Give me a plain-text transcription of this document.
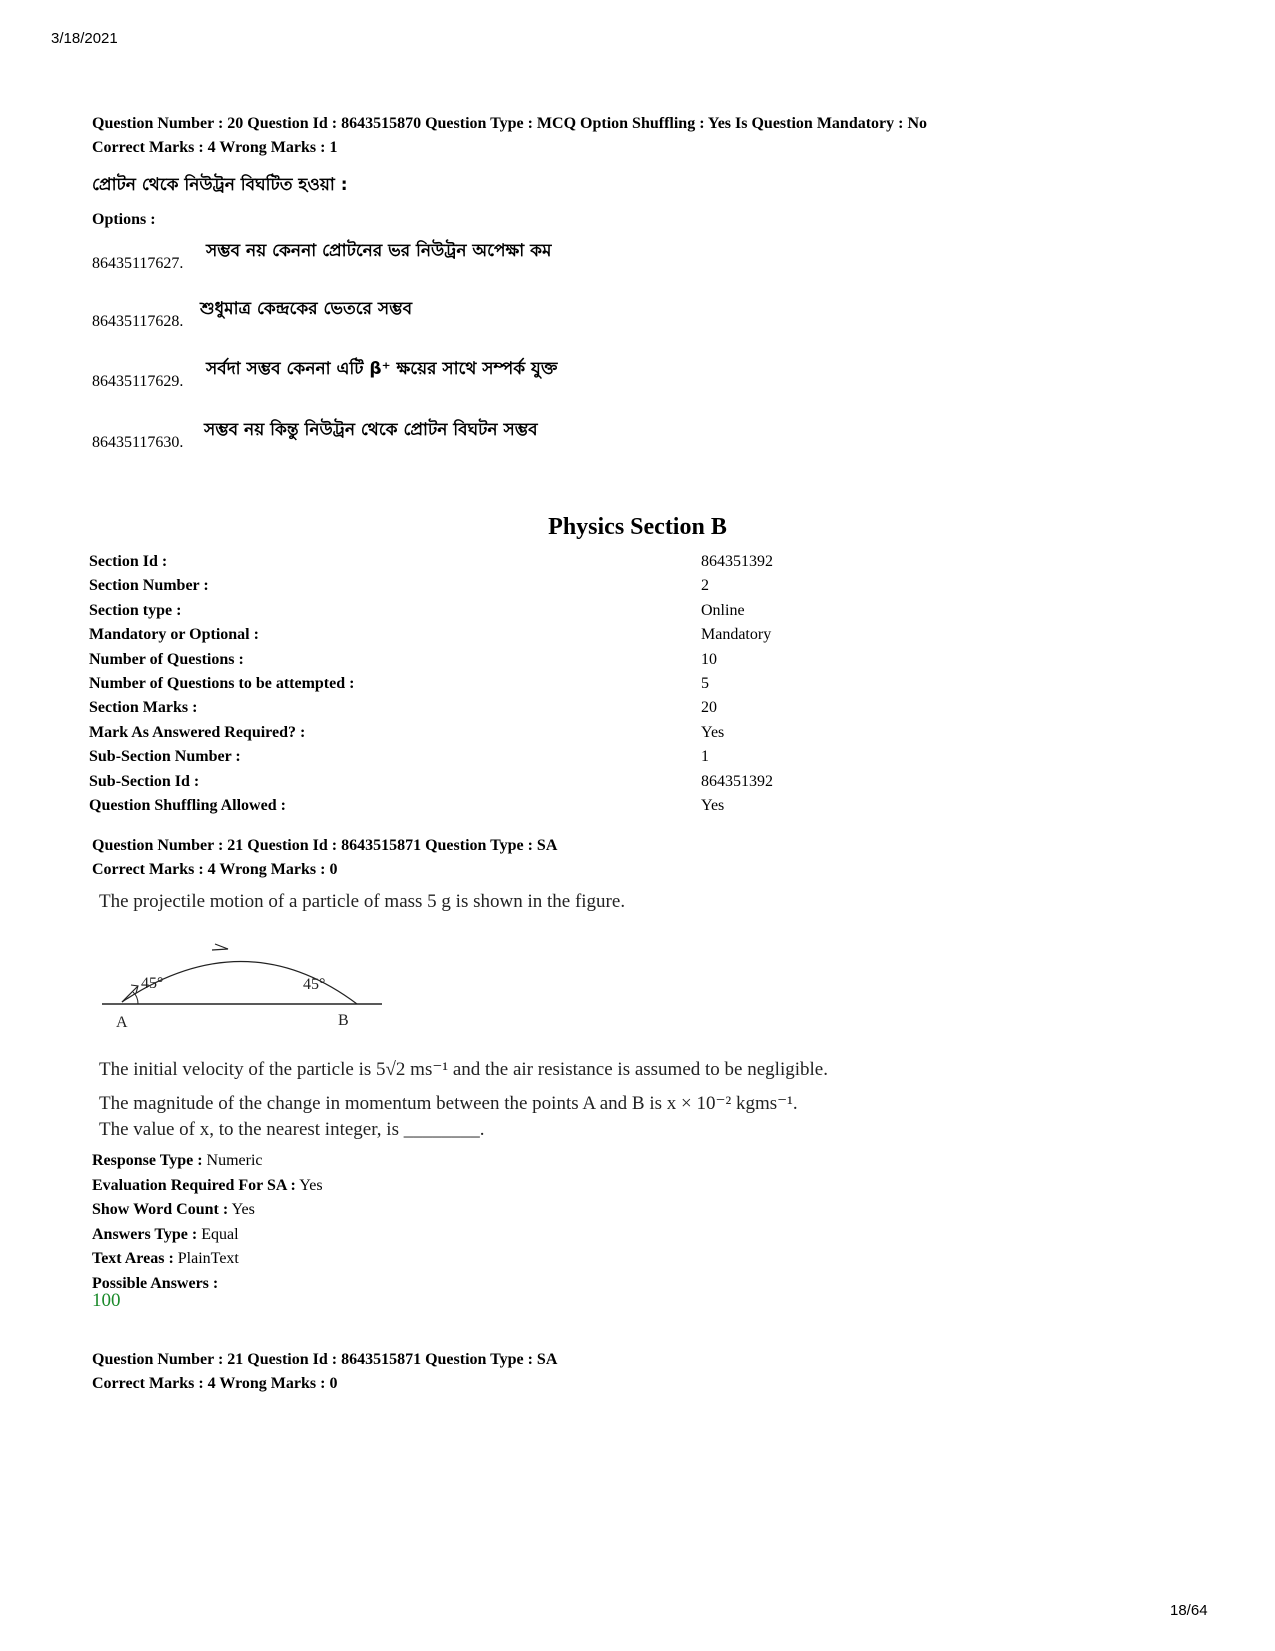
3/18/2021
18/64
Question Number : 20 Question Id : 8643515870 Question Type : MCQ Option Shuffling : Yes Is Question Mandatory : No
Correct Marks : 4 Wrong Marks : 1
প্রোটন থেকে নিউট্রন বিঘটিত হওয়া :
Options :
86435117627.
সম্ভব নয় কেননা প্রোটনের ভর নিউট্রন অপেক্ষা কম
86435117628.
শুধুমাত্র কেন্দ্রকের ভেতরে সম্ভব
86435117629.
সর্বদা সম্ভব কেননা এটি β⁺ ক্ষয়ের সাথে সম্পর্ক যুক্ত
86435117630.
সম্ভব নয় কিন্তু নিউট্রন থেকে প্রোটন বিঘটন সম্ভব
Physics Section B
Section Id :	864351392
Section Number :	2
Section type :	Online
Mandatory or Optional :	Mandatory
Number of Questions :	10
Number of Questions to be attempted :	5
Section Marks :	20
Mark As Answered Required? :	Yes
Sub-Section Number :	1
Sub-Section Id :	864351392
Question Shuffling Allowed :	Yes
Question Number : 21 Question Id : 8643515871 Question Type : SA
Correct Marks : 4 Wrong Marks : 0
The projectile motion of a particle of mass 5 g is shown in the figure.
45°	45°
A	B
The initial velocity of the particle is 5√2 ms⁻¹ and the air resistance is assumed to be negligible.
The magnitude of the change in momentum between the points A and B is x × 10⁻² kgms⁻¹.
The value of x, to the nearest integer, is ________.
Response Type : Numeric
Evaluation Required For SA : Yes
Show Word Count : Yes
Answers Type : Equal
Text Areas : PlainText
Possible Answers :
100
Question Number : 21 Question Id : 8643515871 Question Type : SA
Correct Marks : 4 Wrong Marks : 0
